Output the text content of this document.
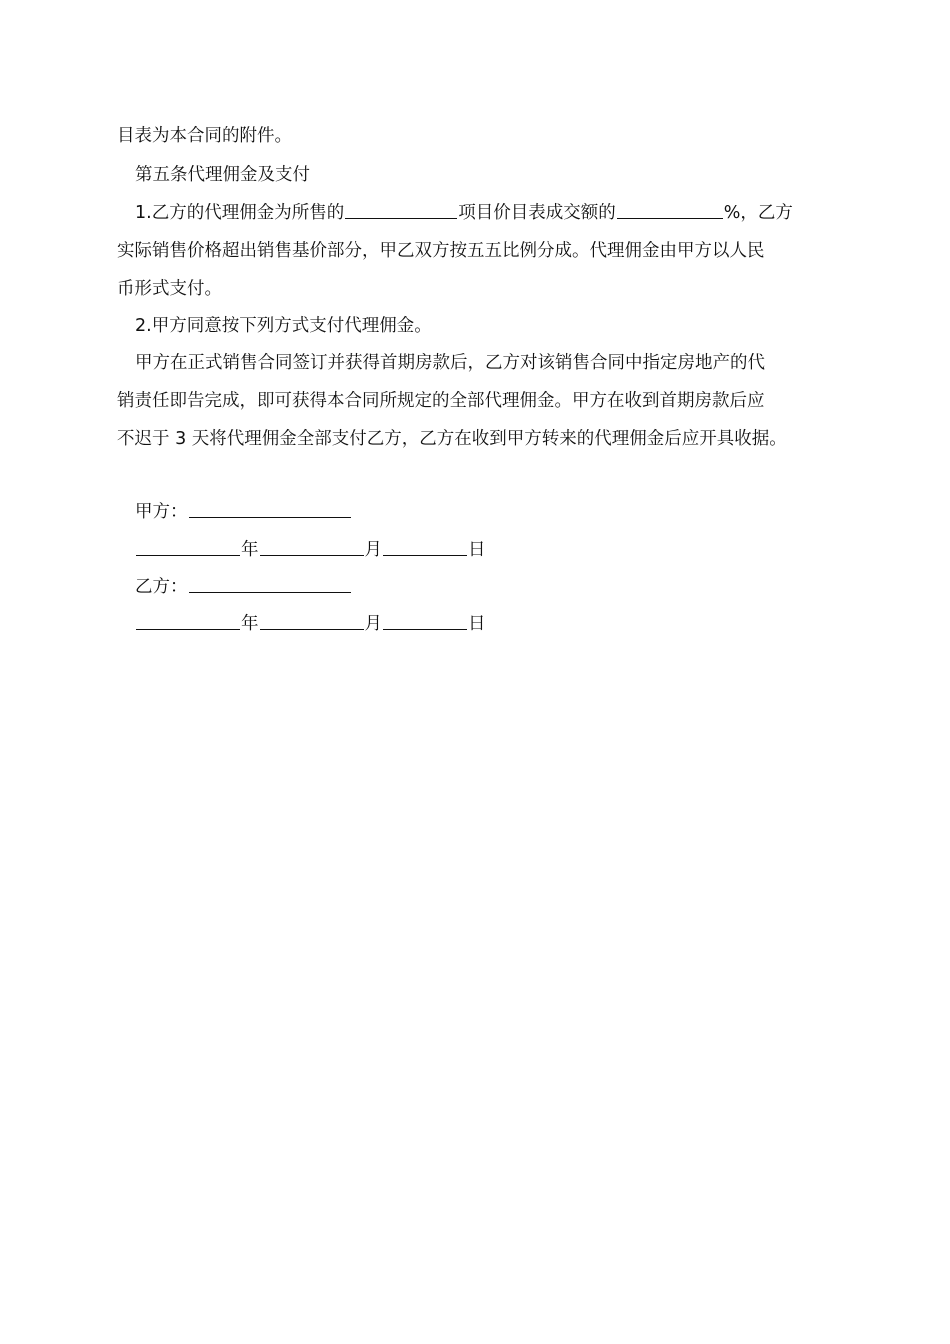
目表为本合同的附件。
第五条代理佣金及支付
1.乙方的代理佣金为所售的	项目价目表成交额的	%，乙方
实际销售价格超出销售基价部分，甲乙双方按五五比例分成。代理佣金由甲方以人民
币形式支付。
2.甲方同意按下列方式支付代理佣金。
甲方在正式销售合同签订并获得首期房款后，乙方对该销售合同中指定房地产的代
销责任即告完成，即可获得本合同所规定的全部代理佣金。甲方在收到首期房款后应
不迟于 3 天将代理佣金全部支付乙方，乙方在收到甲方转来的代理佣金后应开具收据。
甲方：
年	月	日
乙方：
年	月	日
